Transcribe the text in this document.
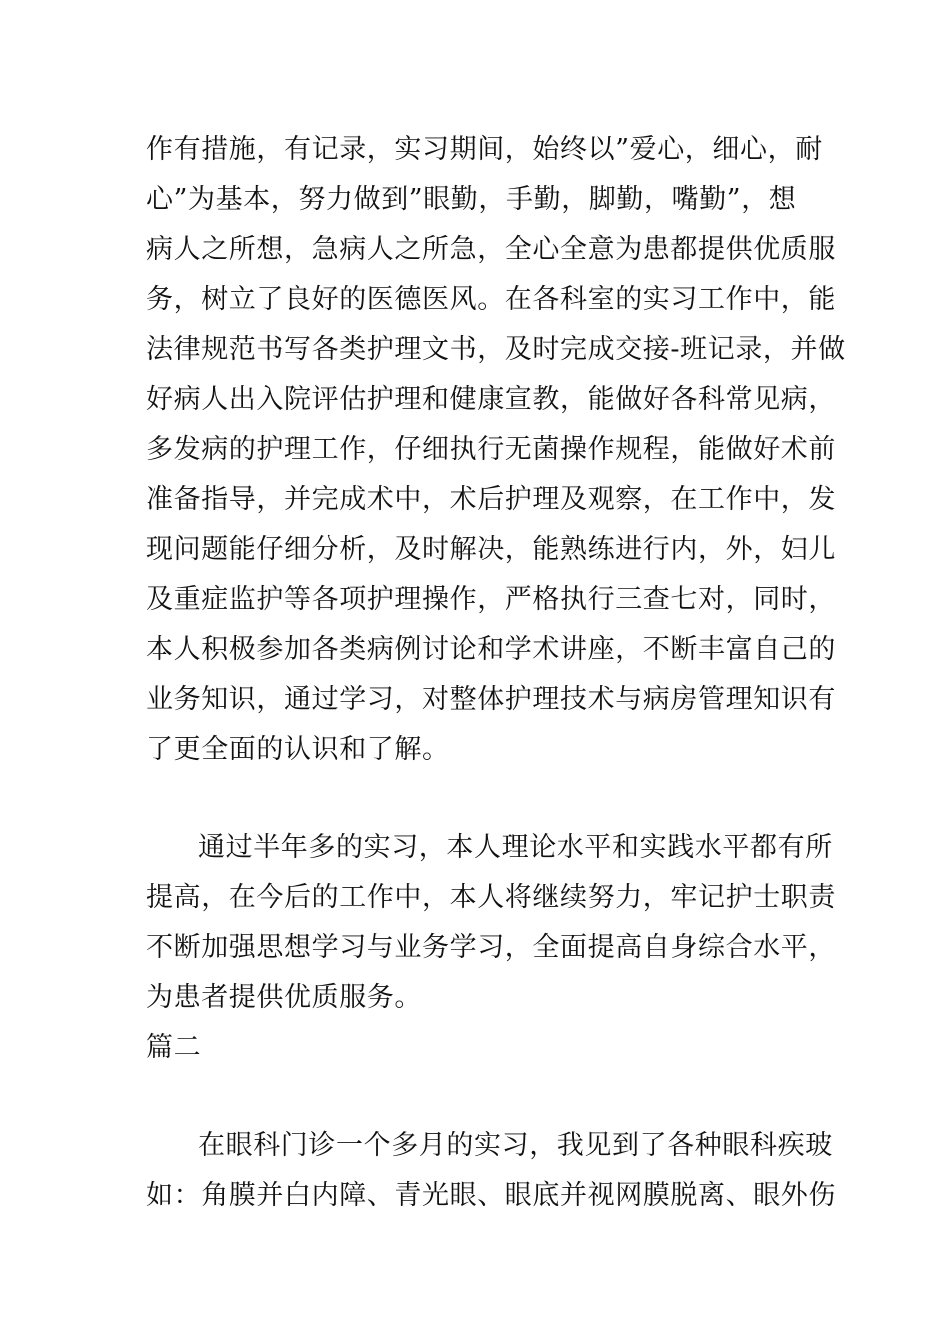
作有措施，有记录，实习期间，始终以”爱心，细心，耐
心”为基本，努力做到”眼勤，手勤，脚勤，嘴勤”，想
病人之所想，急病人之所急，全心全意为患都提供优质服
务，树立了良好的医德医风。在各科室的实习工作中，能
法律规范书写各类护理文书，及时完成交接-班记录，并做
好病人出入院评估护理和健康宣教，能做好各科常见病，
多发病的护理工作，仔细执行无菌操作规程，能做好术前
准备指导，并完成术中，术后护理及观察，在工作中，发
现问题能仔细分析，及时解决，能熟练进行内，外，妇儿
及重症监护等各项护理操作，严格执行三查七对，同时，
本人积极参加各类病例讨论和学术讲座，不断丰富自己的
业务知识，通过学习，对整体护理技术与病房管理知识有
了更全面的认识和了解。
通过半年多的实习，本人理论水平和实践水平都有所
提高，在今后的工作中，本人将继续努力，牢记护士职责
不断加强思想学习与业务学习，全面提高自身综合水平，
为患者提供优质服务。
篇二
在眼科门诊一个多月的实习，我见到了各种眼科疾玻
如：角膜并白内障、青光眼、眼底并视网膜脱离、眼外伤
